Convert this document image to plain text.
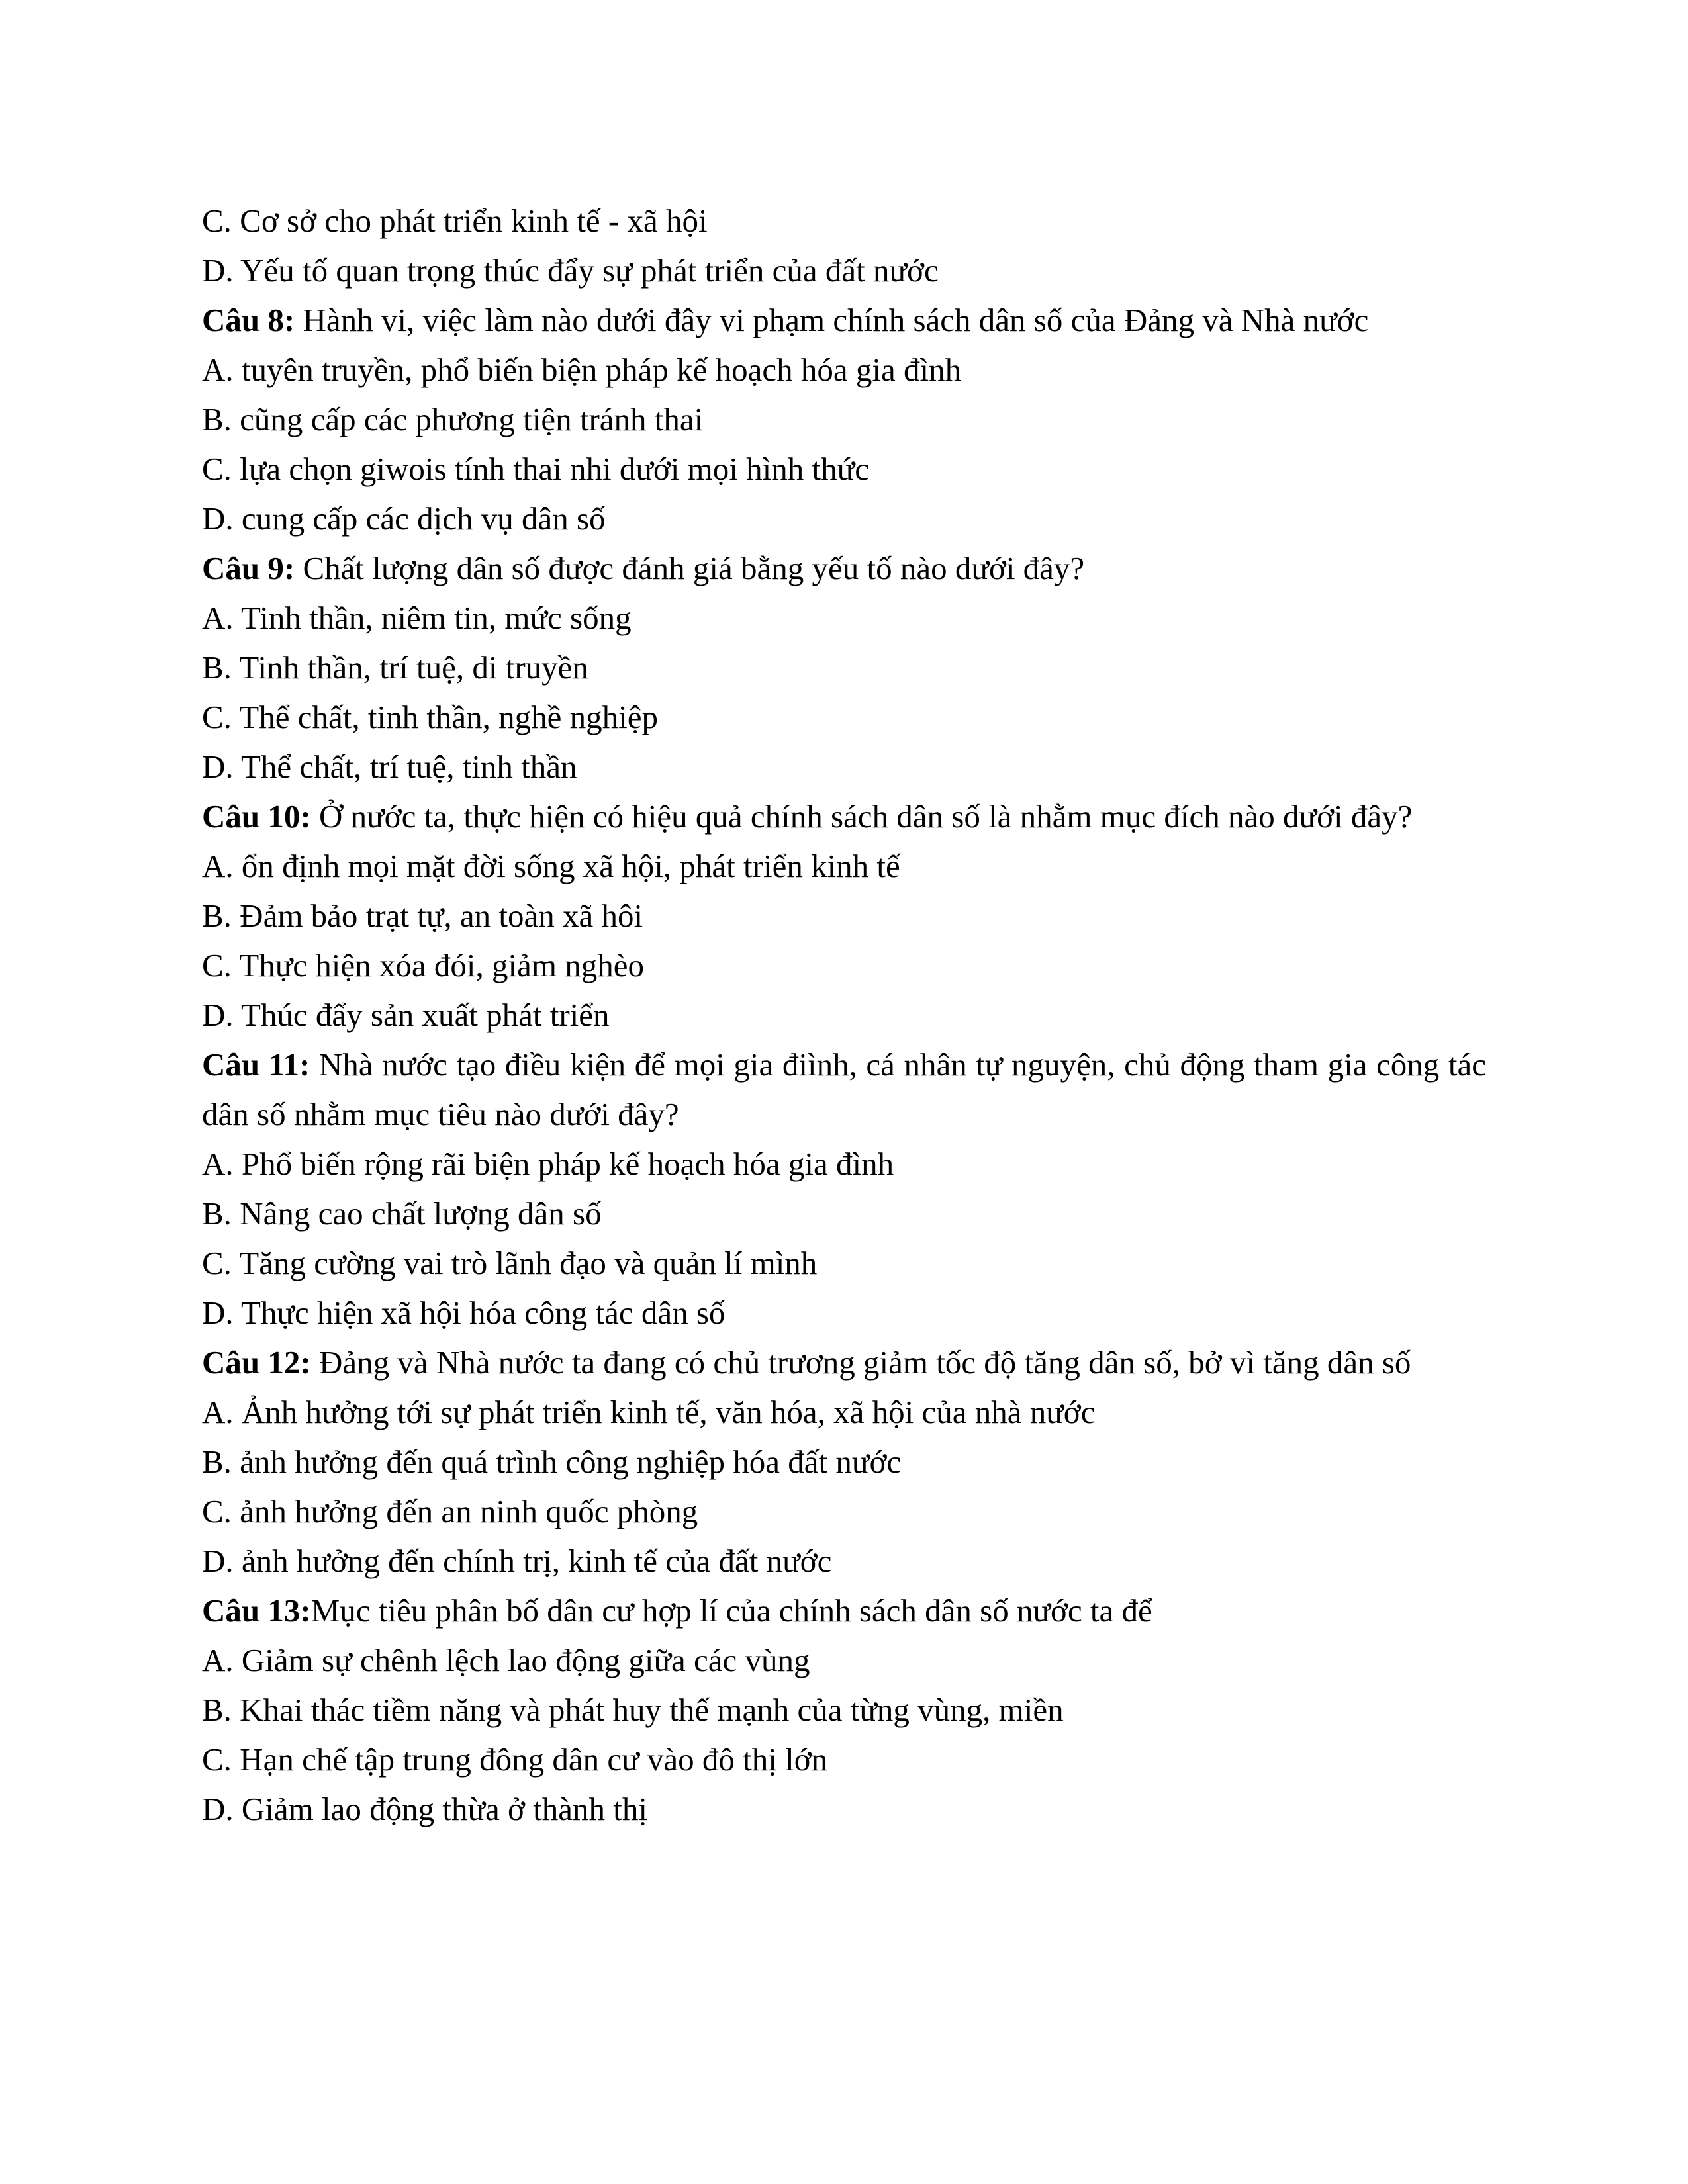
C. Cơ sở cho phát triển kinh tế - xã hội
D. Yếu tố quan trọng thúc đẩy sự phát triển của đất nước

Câu 8: Hành vi, việc làm nào dưới đây vi phạm chính sách dân số của Đảng và Nhà nước

A. tuyên truyền, phổ biến biện pháp kế hoạch hóa gia đình
B. cũng cấp các phương tiện tránh thai
C. lựa chọn giwois tính thai nhi dưới mọi hình thức
D. cung cấp các dịch vụ dân số

Câu 9: Chất lượng dân số được đánh giá bằng yếu tố nào dưới đây?

A. Tinh thần, niêm tin, mức sống
B. Tinh thần, trí tuệ, di truyền
C. Thể chất, tinh thần, nghề nghiệp
D. Thể chất, trí tuệ, tinh thần

Câu 10: Ở nước ta, thực hiện có hiệu quả chính sách dân số là nhằm mục đích nào dưới đây?

A. ổn định mọi mặt đời sống xã hội, phát triển kinh tế
B. Đảm bảo trạt tự, an toàn xã hôi
C. Thực hiện xóa đói, giảm nghèo
D. Thúc đẩy sản xuất phát triển

Câu 11: Nhà nước tạo điều kiện để mọi gia điình, cá nhân tự nguyện, chủ động tham gia công tác dân số nhằm mục tiêu nào dưới đây?

A. Phổ biến rộng rãi biện pháp kế hoạch hóa gia đình
B. Nâng cao chất lượng dân số
C. Tăng cường vai trò lãnh đạo và quản lí mình
D. Thực hiện xã hội hóa công tác dân số

Câu 12: Đảng và Nhà nước ta đang có chủ trương giảm tốc độ tăng dân số, bở vì tăng dân số

A. Ảnh hưởng tới sự phát triển kinh tế, văn hóa, xã hội của nhà nước
B. ảnh hưởng đến quá trình công nghiệp hóa đất nước
C. ảnh hưởng đến an ninh quốc phòng
D. ảnh hưởng đến chính trị, kinh tế của đất nước

Câu 13:Mục tiêu phân bố dân cư hợp lí của chính sách dân số nước ta để

A. Giảm sự chênh lệch lao động giữa các vùng
B. Khai thác tiềm năng và phát huy thế mạnh của từng vùng, miền
C. Hạn chế tập trung đông dân cư vào đô thị lớn
D. Giảm lao động thừa ở thành thị
